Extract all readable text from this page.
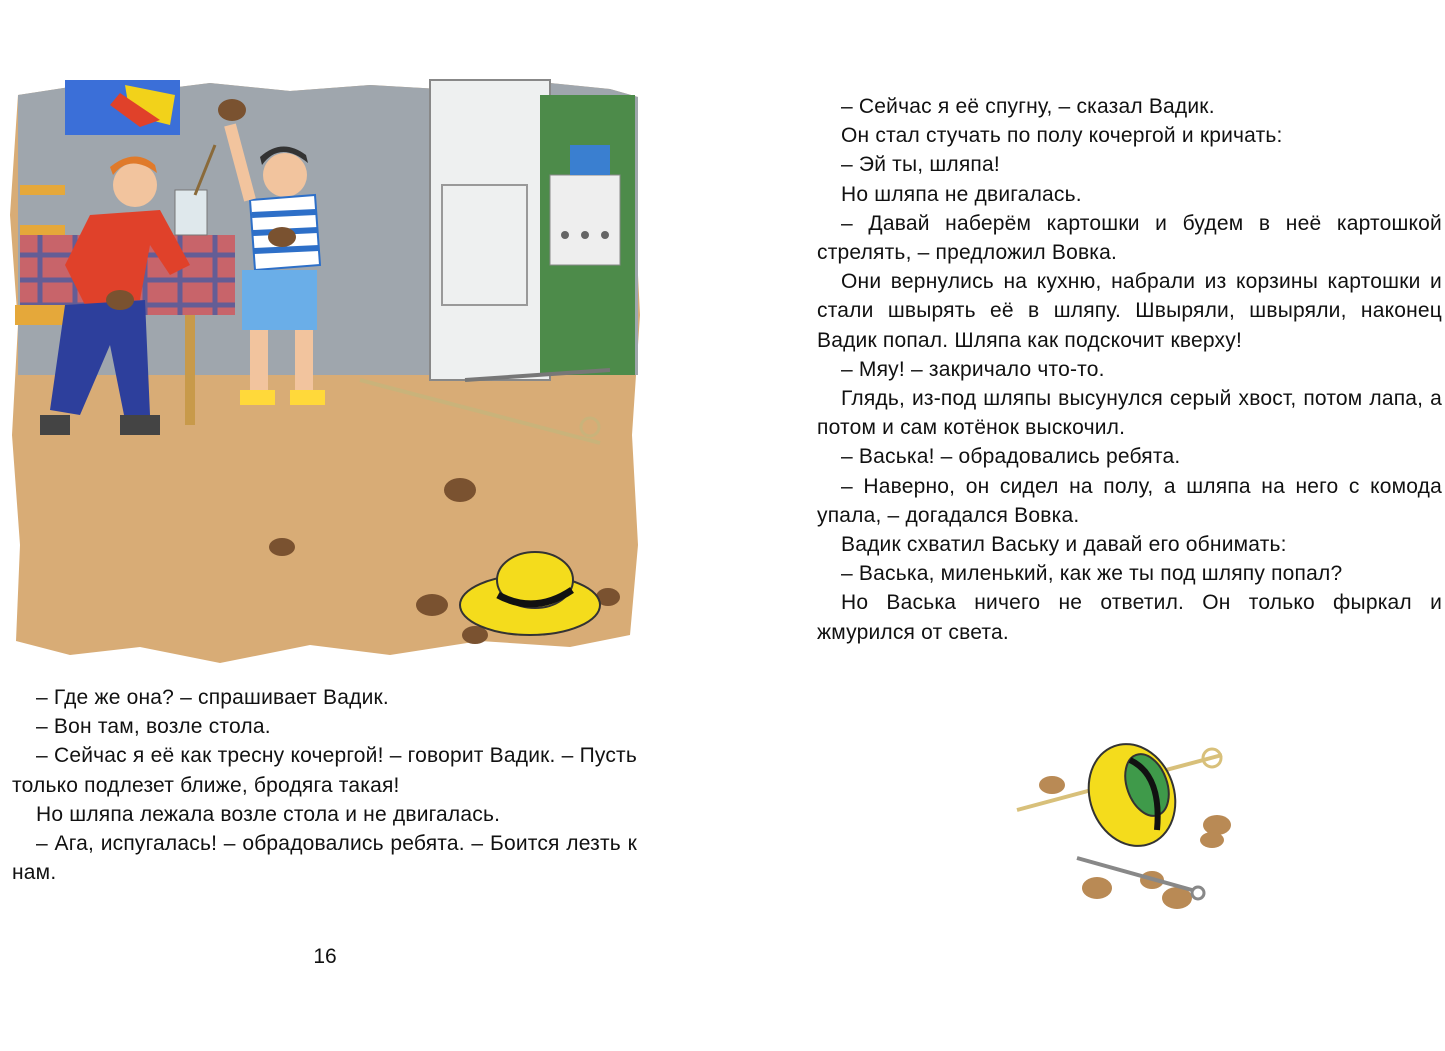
– Где же она? – спрашивает Вадик.

– Вон там, возле стола.

– Сейчас я её как тресну кочергой! – говорит Вадик. – Пусть только подлезет ближе, бродяга такая!

Но шляпа лежала возле стола и не двигалась.

– Ага, испугалась! – обрадовались ребята. – Боится лезть к нам.

16

– Сейчас я её спугну, – сказал Вадик.

Он стал стучать по полу кочергой и кричать:

– Эй ты, шляпа!

Но шляпа не двигалась.

– Давай наберём картошки и будем в неё картошкой стрелять, – предложил Вовка.

Они вернулись на кухню, набрали из корзины картошки и стали швырять её в шляпу. Швыряли, швыряли, наконец Вадик попал. Шляпа как подскочит кверху!

– Мяу! – закричало что-то.

Глядь, из-под шляпы высунулся серый хвост, потом лапа, а потом и сам котёнок выскочил.

– Васька! – обрадовались ребята.

– Наверно, он сидел на полу, а шляпа на него с комода упала, – догадался Вовка.

Вадик схватил Ваську и давай его обнимать:

– Васька, миленький, как же ты под шляпу попал?

Но Васька ничего не ответил. Он только фыркал и жмурился от света.
